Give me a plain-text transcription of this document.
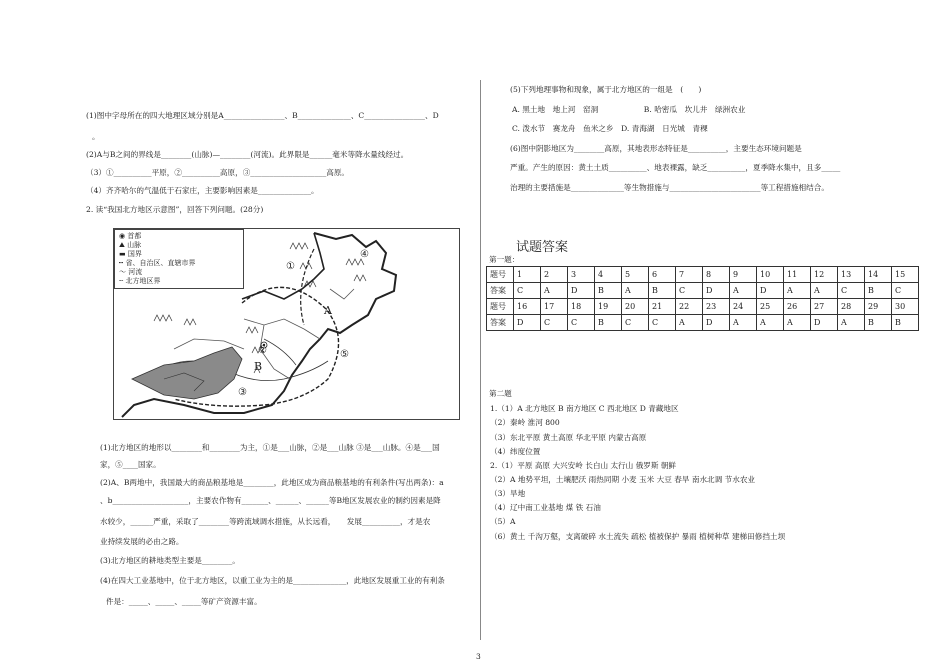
(1)图中字母所在的四大地理区域分别是A________________、B______________、C________________、D
。
(2)A与B之间的界线是________(山脉)—________(河流)。此界限是______毫米等降水量线经过。
（3）①__________平原，②__________高原，③____________________高原。
（4）齐齐哈尔的气温低于石家庄，主要影响因素是______________。
2. 读“我国北方地区示意图”，回答下列问题。(28分)
◉ 首都
⛰ 山脉
▬ 国界
┅ 省、自治区、直辖市界
〜 河流
╌ 北方地区界
①
②
③
④
⑤
A
B
(1)北方地区的地形以________和________为主，①是___山脉，②是___山脉 ③是___山脉。④是___国
家，⑤____国家。
(2)A、B两地中，我国最大的商品粮基地是________，此地区成为商品粮基地的有利条件(写出两条)：a
、b____________________，主要农作物有_______、______、______等B地区发展农业的制约因素是降
水较少，______严重，采取了________等跨流域调水措施，从长远看，　　发展__________，才是农
业持续发展的必由之路。
(3)北方地区的耕地类型主要是________。
(4)在四大工业基地中，位于北方地区，以重工业为主的是______________，此地区发展重工业的有利条
件是：_____、_____、_____等矿产资源丰富。
(5)下列地理事物和现象，属于北方地区的一组是　(　　)
A. 黑土地　地上河　窑洞　　　　　　B. 哈密瓜　坎儿井　绿洲农业
C. 泼水节　赛龙舟　鱼米之乡　D. 青海湖　日光城　青稞
(6)图中阴影地区为________高原，其地表形态特征是__________，主要生态环境问题是
严重。产生的原因：黄土土质__________、地表裸露，缺乏__________，夏季降水集中，且多_____
治理的主要措施是______________等生物措施与________________________等工程措施相结合。
试题答案
第一题：
题号	1	2	3	4	5	6	7	8	9	10	11	12	13	14	15
答案	C	A	D	B	A	B	C	D	A	D	A	A	C	B	C
题号	16	17	18	19	20	21	22	23	24	25	26	27	28	29	30
答案	D	C	C	B	C	C	A	D	A	A	A	D	A	B	B
第二题
1.（1）A 北方地区 B 南方地区 C 西北地区 D 青藏地区
（2）秦岭 淮河 800
（3）东北平原 黄土高原 华北平原 内蒙古高原
（4）纬度位置
2.（1）平原 高原 大兴安岭 长白山 太行山 俄罗斯 朝鲜
（2）A 地势平坦，土壤肥沃 雨热同期 小麦 玉米 大豆 春旱 南水北调 节水农业
（3）旱地
（4）辽中南工业基地 煤 铁 石油
（5）A
（6）黄土 千沟万壑，支离破碎 水土流失 疏松 植被保护 暴雨 植树种草 建梯田修挡土坝
3
